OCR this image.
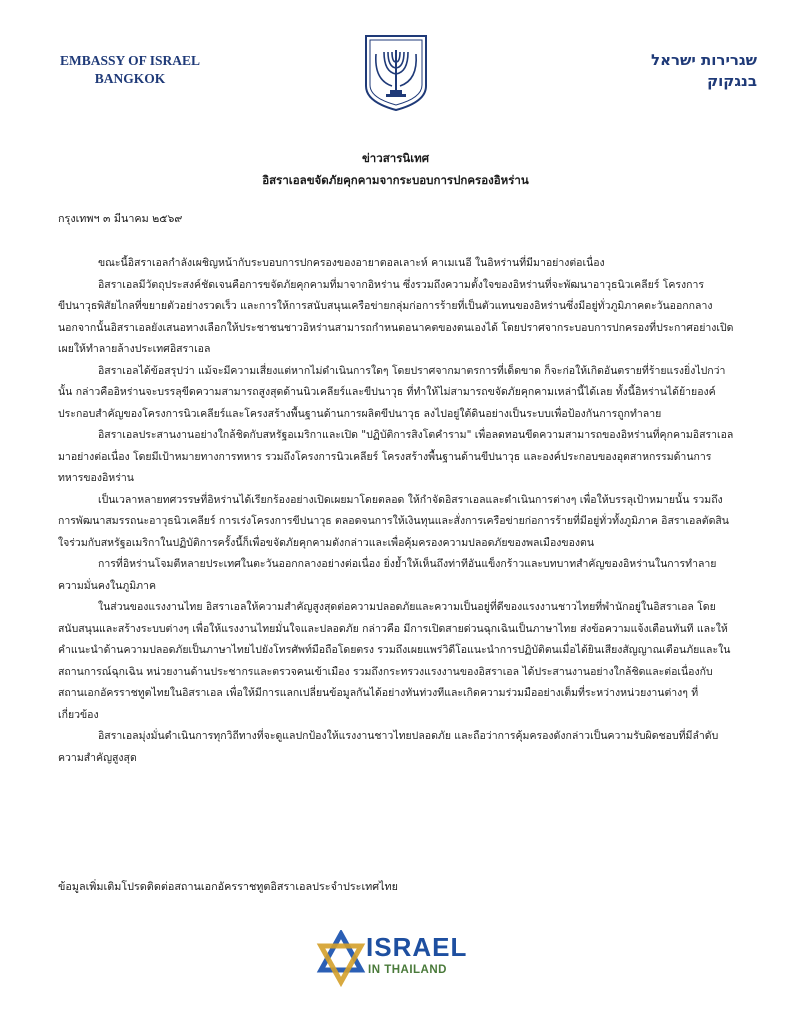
EMBASSY OF ISRAEL
BANGKOK
שגרירות ישראל
בנגקוק
ข่าวสารนิเทศ
อิสราเอลขจัดภัยคุกคามจากระบอบการปกครองอิหร่าน
กรุงเทพฯ ๓ มีนาคม ๒๕๖๙

ขณะนี้อิสราเอลกำลังเผชิญหน้ากับระบอบการปกครองของอายาตอลเลาะห์ คาเมเนอี ในอิหร่านที่มีมาอย่างต่อเนื่อง

อิสราเอลมีวัตถุประสงค์ชัดเจนคือการขจัดภัยคุกคามที่มาจากอิหร่าน ซึ่งรวมถึงความตั้งใจของอิหร่านที่จะพัฒนาอาวุธนิวเคลียร์ โครงการขีปนาวุธพิสัยไกลที่ขยายตัวอย่างรวดเร็ว และการให้การสนับสนุนเครือข่ายกลุ่มก่อการร้ายที่เป็นตัวแทนของอิหร่านซึ่งมีอยู่ทั่วภูมิภาคตะวันออกกลาง นอกจากนั้นอิสราเอลยังเสนอทางเลือกให้ประชาชนชาวอิหร่านสามารถกำหนดอนาคตของตนเองได้ โดยปราศจากระบอบการปกครองที่ประกาศอย่างเปิดเผยให้ทำลายล้างประเทศอิสราเอล

อิสราเอลได้ข้อสรุปว่า แม้จะมีความเสี่ยงแต่หากไม่ดำเนินการใดๆ โดยปราศจากมาตรการที่เด็ดขาด ก็จะก่อให้เกิดอันตรายที่ร้ายแรงยิ่งไปกว่านั้น กล่าวคืออิหร่านจะบรรลุขีดความสามารถสูงสุดด้านนิวเคลียร์และขีปนาวุธ ที่ทำให้ไม่สามารถขจัดภัยคุกคามเหล่านี้ได้เลย ทั้งนี้อิหร่านได้ย้ายองค์ประกอบสำคัญของโครงการนิวเคลียร์และโครงสร้างพื้นฐานด้านการผลิตขีปนาวุธ ลงไปอยู่ใต้ดินอย่างเป็นระบบเพื่อป้องกันการถูกทำลาย

อิสราเอลประสานงานอย่างใกล้ชิดกับสหรัฐอเมริกาและเปิด "ปฏิบัติการสิงโตคำราม" เพื่อลดทอนขีดความสามารถของอิหร่านที่คุกคามอิสราเอลมาอย่างต่อเนื่อง โดยมีเป้าหมายทางการทหาร รวมถึงโครงการนิวเคลียร์ โครงสร้างพื้นฐานด้านขีปนาวุธ และองค์ประกอบของอุตสาหกรรมด้านการทหารของอิหร่าน

เป็นเวลาหลายทศวรรษที่อิหร่านได้เรียกร้องอย่างเปิดเผยมาโดยตลอด ให้กำจัดอิสราเอลและดำเนินการต่างๆ เพื่อให้บรรลุเป้าหมายนั้น รวมถึงการพัฒนาสมรรถนะอาวุธนิวเคลียร์ การเร่งโครงการขีปนาวุธ ตลอดจนการให้เงินทุนและสั่งการเครือข่ายก่อการร้ายที่มีอยู่ทั่วทั้งภูมิภาค อิสราเอลตัดสินใจร่วมกับสหรัฐอเมริกาในปฏิบัติการครั้งนี้ก็เพื่อขจัดภัยคุกคามดังกล่าวและเพื่อคุ้มครองความปลอดภัยของพลเมืองของตน

การที่อิหร่านโจมตีหลายประเทศในตะวันออกกลางอย่างต่อเนื่อง ยิ่งย้ำให้เห็นถึงท่าทีอันแข็งกร้าวและบทบาทสำคัญของอิหร่านในการทำลายความมั่นคงในภูมิภาค

ในส่วนของแรงงานไทย อิสราเอลให้ความสำคัญสูงสุดต่อความปลอดภัยและความเป็นอยู่ที่ดีของแรงงานชาวไทยที่พำนักอยู่ในอิสราเอล โดยสนับสนุนและสร้างระบบต่างๆ เพื่อให้แรงงานไทยมั่นใจและปลอดภัย กล่าวคือ มีการเปิดสายด่วนฉุกเฉินเป็นภาษาไทย ส่งข้อความแจ้งเตือนทันที และให้คำแนะนำด้านความปลอดภัยเป็นภาษาไทยไปยังโทรศัพท์มือถือโดยตรง รวมถึงเผยแพร่วิดีโอแนะนำการปฏิบัติตนเมื่อได้ยินเสียงสัญญาณเตือนภัยและในสถานการณ์ฉุกเฉิน หน่วยงานด้านประชากรและตรวจคนเข้าเมือง รวมถึงกระทรวงแรงงานของอิสราเอล ได้ประสานงานอย่างใกล้ชิดและต่อเนื่องกับสถานเอกอัครราชทูตไทยในอิสราเอล เพื่อให้มีการแลกเปลี่ยนข้อมูลกันได้อย่างทันท่วงทีและเกิดความร่วมมืออย่างเต็มที่ระหว่างหน่วยงานต่างๆ ที่เกี่ยวข้อง

อิสราเอลมุ่งมั่นดำเนินการทุกวิถีทางที่จะดูแลปกป้องให้แรงงานชาวไทยปลอดภัย และถือว่าการคุ้มครองดังกล่าวเป็นความรับผิดชอบที่มีลำดับความสำคัญสูงสุด

ข้อมูลเพิ่มเติมโปรดติดต่อสถานเอกอัครราชทูตอิสราเอลประจำประเทศไทย
ISRAEL
IN THAILAND
